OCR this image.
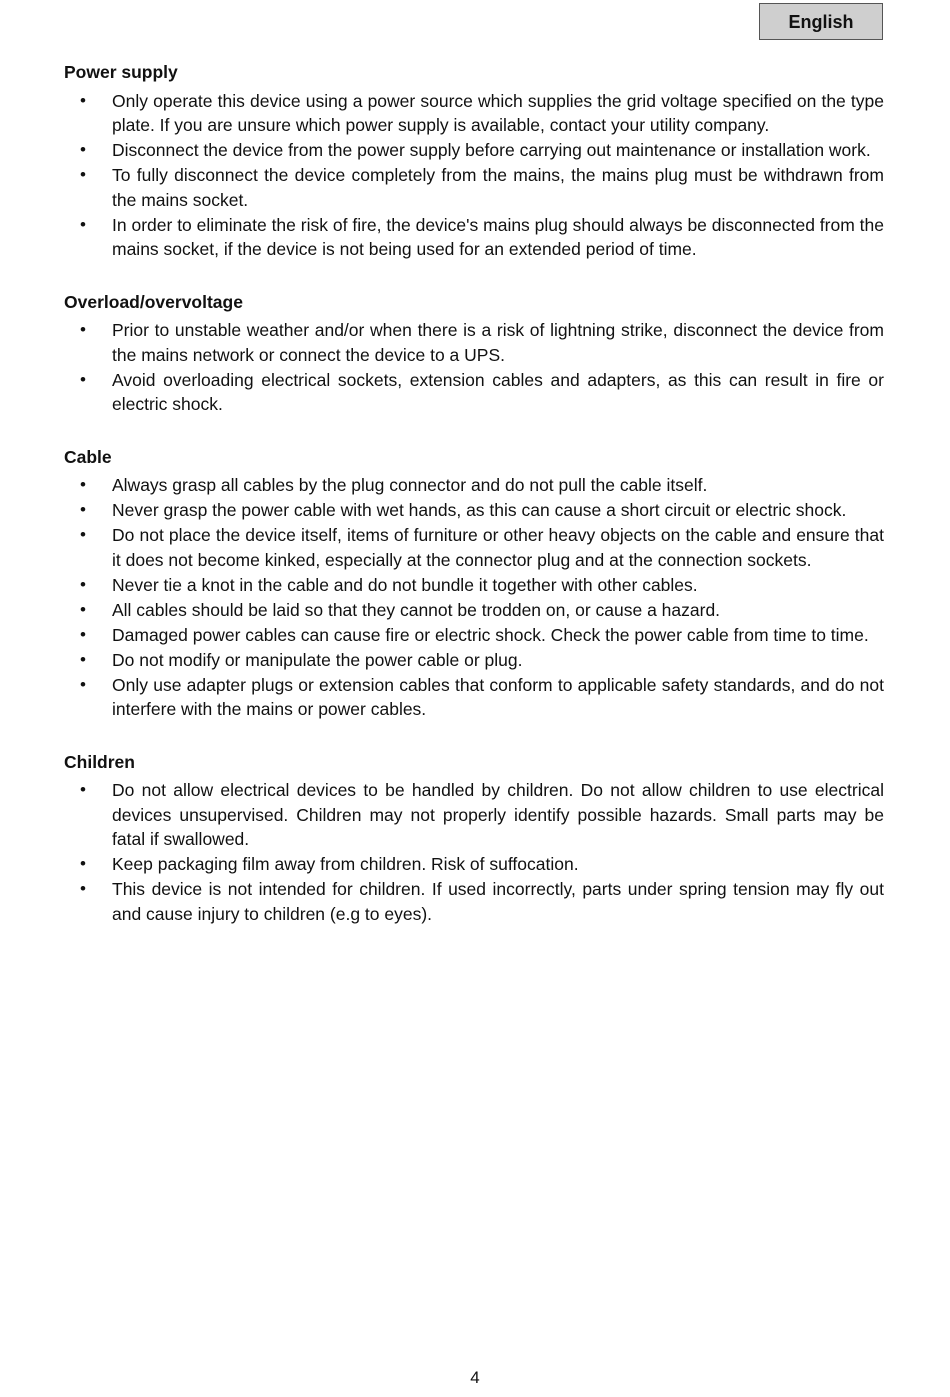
English
Power supply
•	Only operate this device using a power source which supplies the grid voltage specified on the type plate. If you are unsure which power supply is available, contact your utility company.
•	Disconnect the device from the power supply before carrying out maintenance or installation work.
•	To fully disconnect the device completely from the mains, the mains plug must be withdrawn from the mains socket.
•	In order to eliminate the risk of fire, the device's mains plug should always be disconnected from the mains socket, if the device is not being used for an extended period of time.
Overload/overvoltage
•	Prior to unstable weather and/or when there is a risk of lightning strike, disconnect the device from the mains network or connect the device to a UPS.
•	Avoid overloading electrical sockets, extension cables and adapters, as this can result in fire or electric shock.
Cable
•	Always grasp all cables by the plug connector and do not pull the cable itself.
•	Never grasp the power cable with wet hands, as this can cause a short circuit or electric shock.
•	Do not place the device itself, items of furniture or other heavy objects on the cable and ensure that it does not become kinked, especially at the connector plug and at the connection sockets.
•	Never tie a knot in the cable and do not bundle it together with other cables.
•	All cables should be laid so that they cannot be trodden on, or cause a hazard.
•	Damaged power cables can cause fire or electric shock. Check the power cable from time to time.
•	Do not modify or manipulate the power cable or plug.
•	Only use adapter plugs or extension cables that conform to applicable safety standards, and do not interfere with the mains or power cables.
Children
•	Do not allow electrical devices to be handled by children. Do not allow children to use electrical devices unsupervised. Children may not properly identify possible hazards. Small parts may be fatal if swallowed.
•	Keep packaging film away from children. Risk of suffocation.
•	This device is not intended for children. If used incorrectly, parts under spring tension may fly out and cause injury to children (e.g to eyes).
4
